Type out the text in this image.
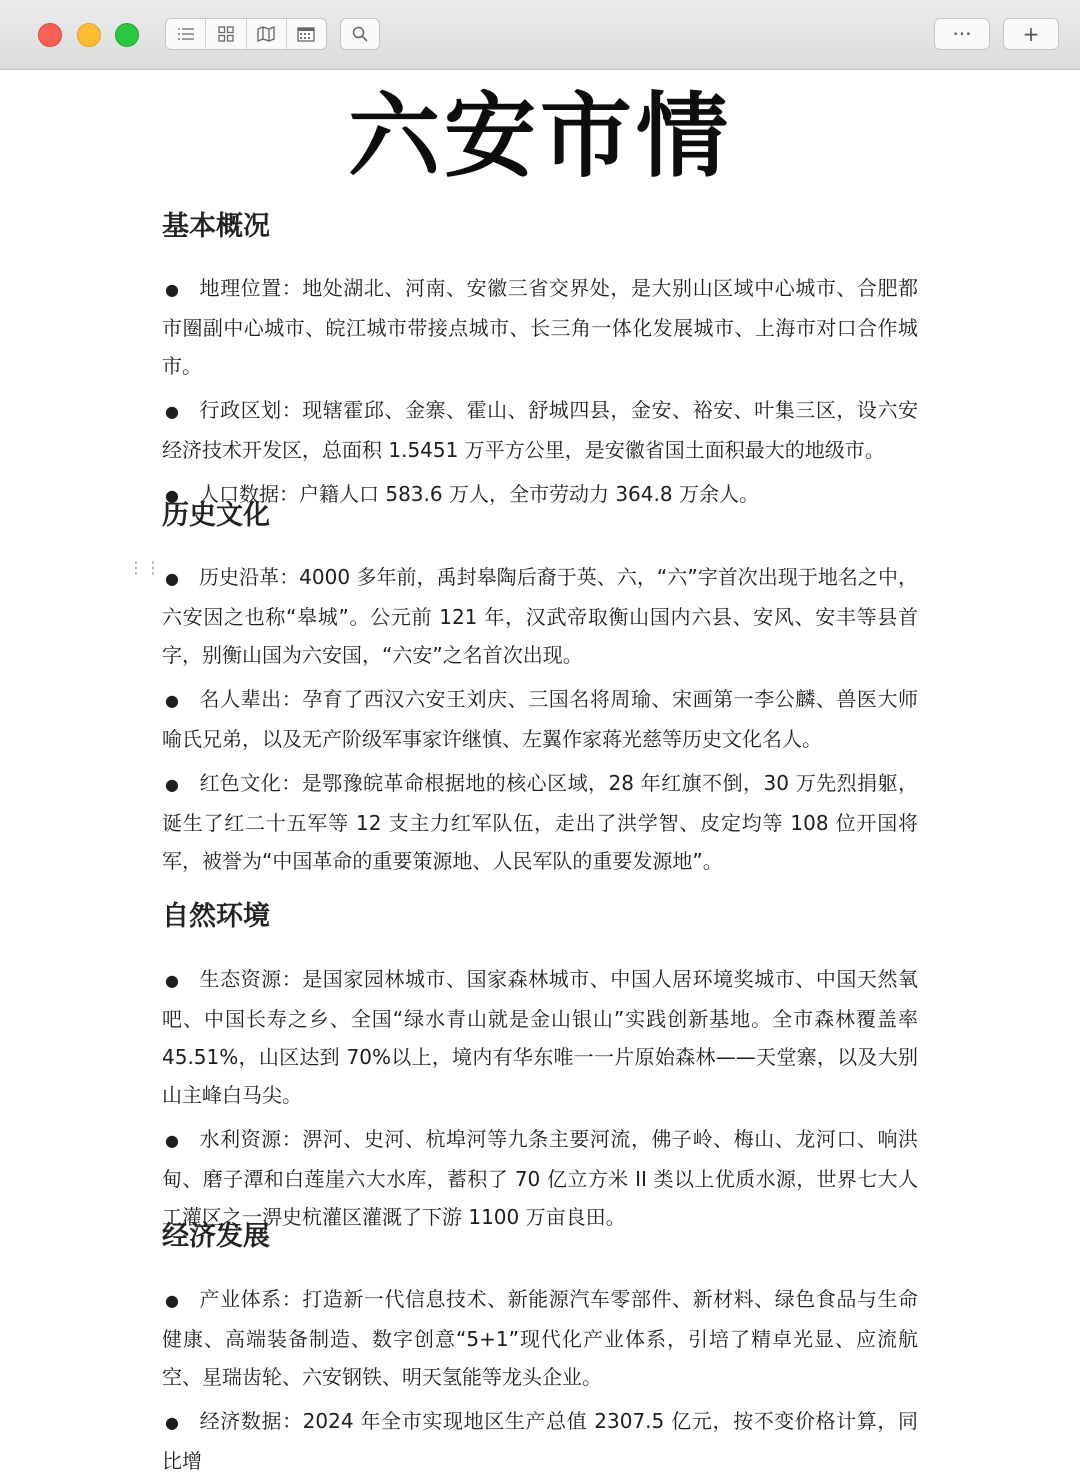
···	+
六安市情
⋮⋮
基本概况

● 地理位置：地处湖北、河南、安徽三省交界处，是大别山区域中心城市、合肥都市圈副中心城市、皖江城市带接点城市、长三角一体化发展城市、上海市对口合作城市。

● 行政区划：现辖霍邱、金寨、霍山、舒城四县，金安、裕安、叶集三区，设六安经济技术开发区，总面积 1.5451 万平方公里，是安徽省国土面积最大的地级市。

● 人口数据：户籍人口 583.6 万人，全市劳动力 364.8 万余人。

历史文化

● 历史沿革：4000 多年前，禹封皋陶后裔于英、六，“六”字首次出现于地名之中，六安因之也称“皋城”。公元前 121 年，汉武帝取衡山国内六县、安风、安丰等县首字，别衡山国为六安国，“六安”之名首次出现。

● 名人辈出：孕育了西汉六安王刘庆、三国名将周瑜、宋画第一李公麟、兽医大师喻氏兄弟，以及无产阶级军事家许继慎、左翼作家蒋光慈等历史文化名人。

● 红色文化：是鄂豫皖革命根据地的核心区域，28 年红旗不倒，30 万先烈捐躯，诞生了红二十五军等 12 支主力红军队伍，走出了洪学智、皮定均等 108 位开国将军，被誉为“中国革命的重要策源地、人民军队的重要发源地”。

自然环境

● 生态资源：是国家园林城市、国家森林城市、中国人居环境奖城市、中国天然氧吧、中国长寿之乡、全国“绿水青山就是金山银山”实践创新基地。全市森林覆盖率 45.51%，山区达到 70%以上，境内有华东唯一一片原始森林——天堂寨，以及大别山主峰白马尖。

● 水利资源：淠河、史河、杭埠河等九条主要河流，佛子岭、梅山、龙河口、响洪甸、磨子潭和白莲崖六大水库，蓄积了 70 亿立方米 II 类以上优质水源，世界七大人工灌区之一淠史杭灌区灌溉了下游 1100 万亩良田。

经济发展

● 产业体系：打造新一代信息技术、新能源汽车零部件、新材料、绿色食品与生命健康、高端装备制造、数字创意“5+1”现代化产业体系，引培了精卓光显、应流航空、星瑞齿轮、六安钢铁、明天氢能等龙头企业。

● 经济数据：2024 年全市实现地区生产总值 2307.5 亿元，按不变价格计算，同比增
